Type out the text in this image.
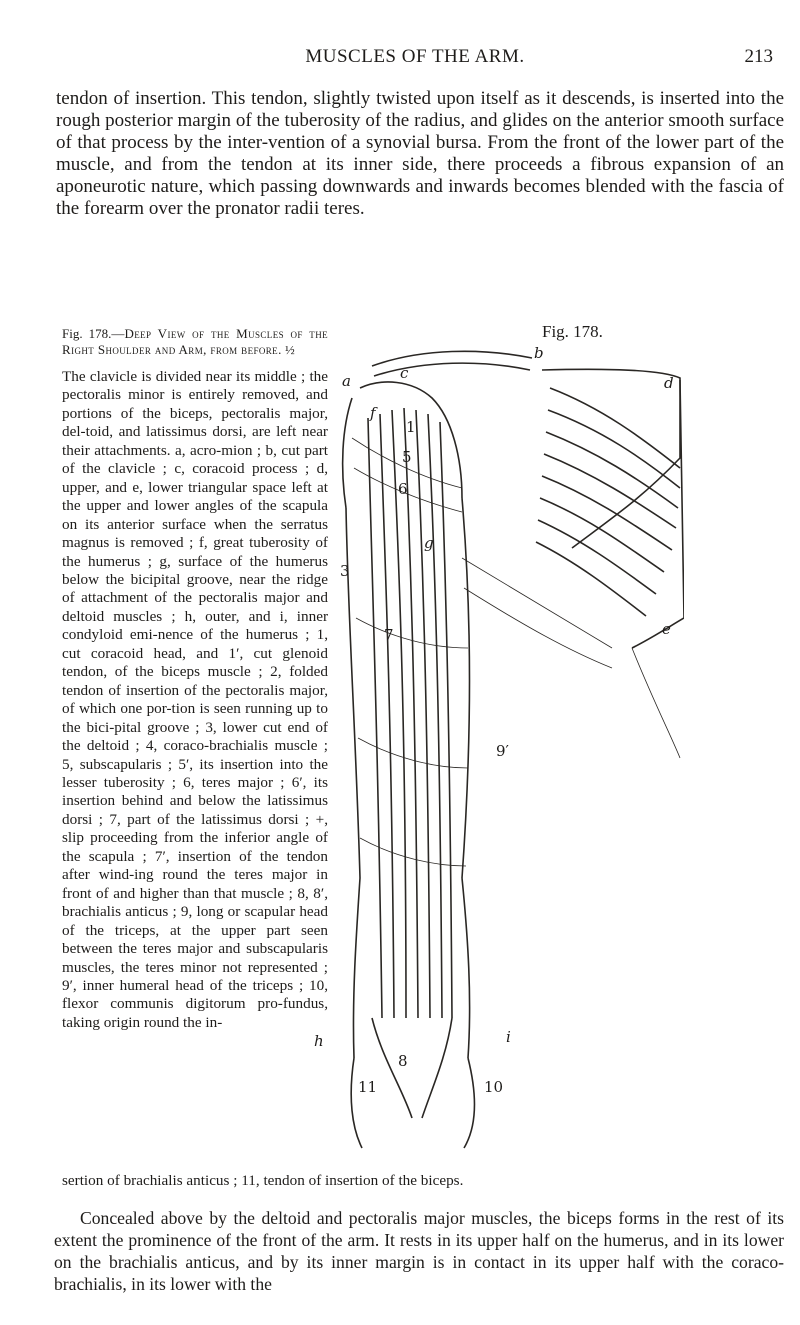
MUSCLES OF THE ARM.	213

tendon of insertion. This tendon, slightly twisted upon itself as it descends, is inserted into the rough posterior margin of the tuberosity of the radius, and glides on the anterior smooth surface of that process by the inter-vention of a synovial bursa. From the front of the lower part of the muscle, and from the tendon at its inner side, there proceeds a fibrous expansion of an aponeurotic nature, which passing downwards and inwards becomes blended with the fascia of the forearm over the pronator radii teres.

Fig. 178.—Deep View of the Muscles of the Right Shoulder and Arm, from before. ½

The clavicle is divided near its middle ; the pectoralis minor is entirely removed, and portions of the biceps, pectoralis major, del-toid, and latissimus dorsi, are left near their attachments. a, acro-mion ; b, cut part of the clavicle ; c, coracoid process ; d, upper, and e, lower triangular space left at the upper and lower angles of the scapula on its anterior surface when the serratus magnus is removed ; f, great tuberosity of the humerus ; g, surface of the humerus below the bicipital groove, near the ridge of attachment of the pectoralis major and deltoid muscles ; h, outer, and i, inner condyloid emi-nence of the humerus ; 1, cut coracoid head, and 1′, cut glenoid tendon, of the biceps muscle ; 2, folded tendon of insertion of the pectoralis major, of which one por-tion is seen running up to the bici-pital groove ; 3, lower cut end of the deltoid ; 4, coraco-brachialis muscle ; 5, subscapularis ; 5′, its insertion into the lesser tuberosity ; 6, teres major ; 6′, its insertion behind and below the latissimus dorsi ; 7, part of the latissimus dorsi ; +, slip proceeding from the inferior angle of the scapula ; 7′, insertion of the tendon after wind-ing round the teres major in front of and higher than that muscle ; 8, 8′, brachialis anticus ; 9, long or scapular head of the triceps, at the upper part seen between the teres major and subscapularis muscles, the teres minor not represented ; 9′, inner humeral head of the triceps ; 10, flexor communis digitorum pro-fundus, taking origin round the in-

sertion of brachialis anticus ; 11, tendon of insertion of the biceps.

Fig. 178.
a
b
c
d
e
f
g
h	i
1
3
5
6
7
8
9′
10
11

Concealed above by the deltoid and pectoralis major muscles, the biceps forms in the rest of its extent the prominence of the front of the arm. It rests in its upper half on the humerus, and in its lower on the brachialis anticus, and by its inner margin is in contact in its upper half with the coraco-brachialis, in its lower with the
